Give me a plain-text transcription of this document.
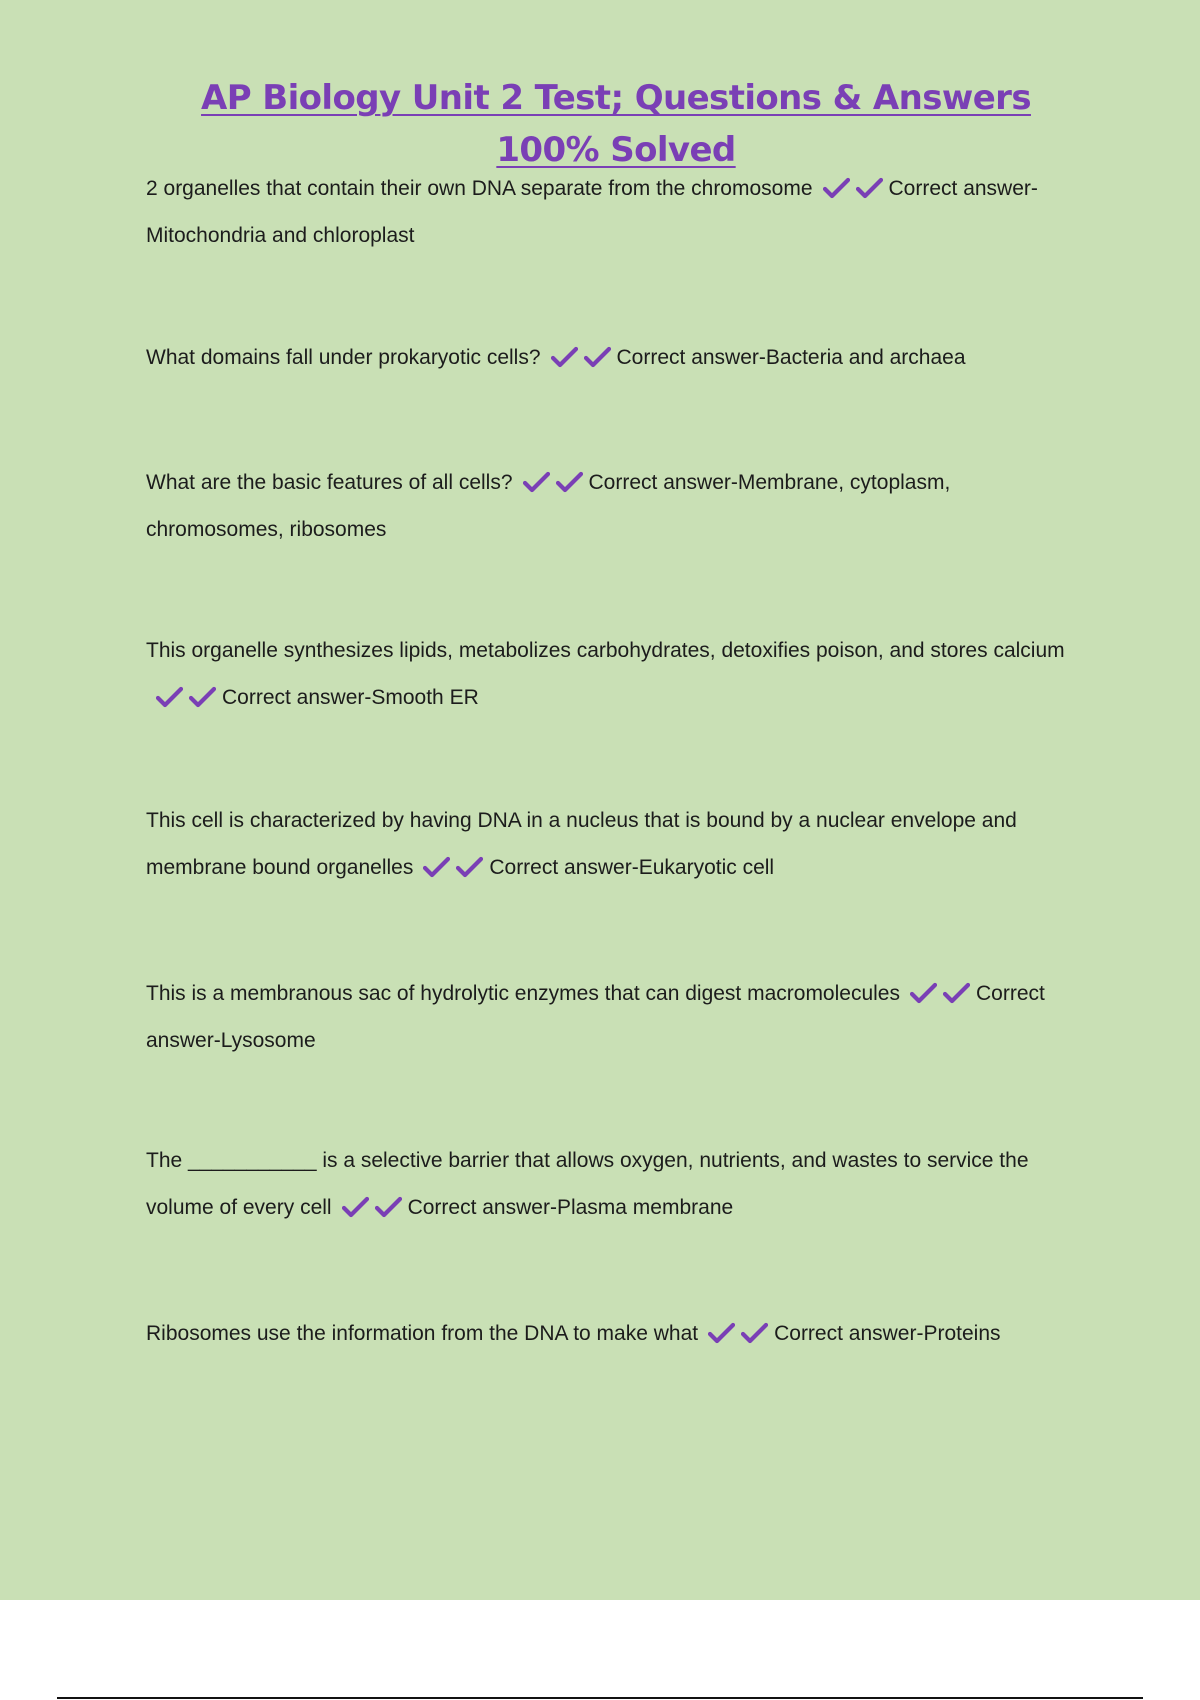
AP Biology Unit 2 Test; Questions & Answers 100% Solved
2 organelles that contain their own DNA separate from the chromosome	Correct answer-Mitochondria and chloroplast
What domains fall under prokaryotic cells?	Correct answer-Bacteria and archaea
What are the basic features of all cells?	Correct answer-Membrane, cytoplasm, chromosomes, ribosomes
This organelle synthesizes lipids, metabolizes carbohydrates, detoxifies poison, and stores calcium
Correct answer-Smooth ER
This cell is characterized by having DNA in a nucleus that is bound by a nuclear envelope and membrane bound organelles	Correct answer-Eukaryotic cell
This is a membranous sac of hydrolytic enzymes that can digest macromolecules	Correct answer-Lysosome
The ___________ is a selective barrier that allows oxygen, nutrients, and wastes to service the volume of every cell	Correct answer-Plasma membrane
Ribosomes use the information from the DNA to make what	Correct answer-Proteins
